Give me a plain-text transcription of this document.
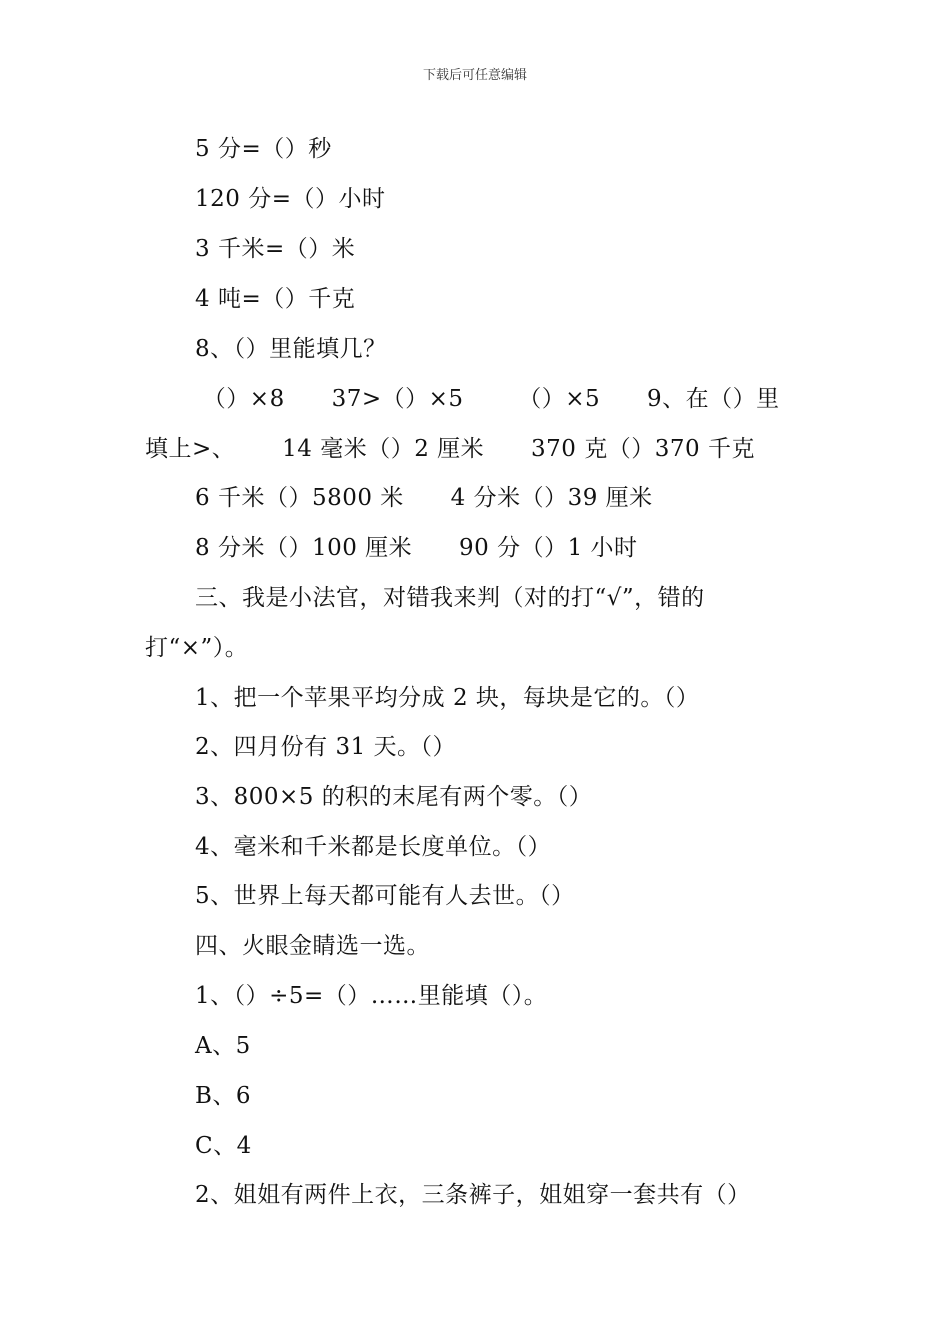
下载后可任意编辑
5 分=（）秒
120 分=（）小时
3 千米=（）米
4 吨=（）千克
8、（）里能填几？
（）×8      37>（）×5       （）×5      9、在（）里
填上>、      14 毫米（）2 厘米      370 克（）370 千克
6 千米（）5800 米      4 分米（）39 厘米
8 分米（）100 厘米      90 分（）1 小时
三、我是小法官，对错我来判（对的打“√”，错的
打“×”）。
1、把一个苹果平均分成 2 块，每块是它的。（）
2、四月份有 31 天。（）
3、800×5 的积的末尾有两个零。（）
4、毫米和千米都是长度单位。（）
5、世界上每天都可能有人去世。（）
四、火眼金睛选一选。
1、（）÷5=（）……里能填（）。
A、5
B、6
C、4
2、姐姐有两件上衣，三条裤子，姐姐穿一套共有（）
